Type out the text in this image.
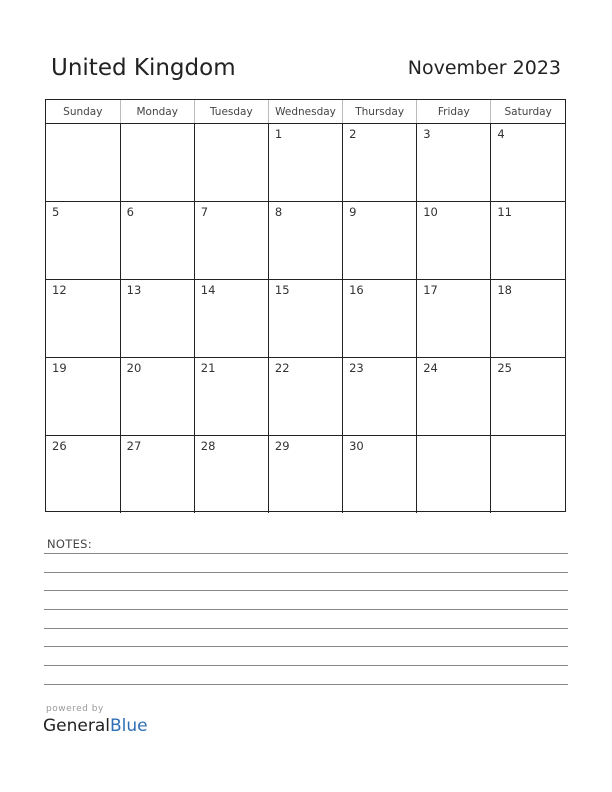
United Kingdom	November 2023
Sunday	Monday	Tuesday	Wednesday	Thursday	Friday	Saturday

			1	2	3	4

5	6	7	8	9	10	11

12	13	14	15	16	17	18

19	20	21	22	23	24	25

26	27	28	29	30		

NOTES:
powered by
GeneralBlue
